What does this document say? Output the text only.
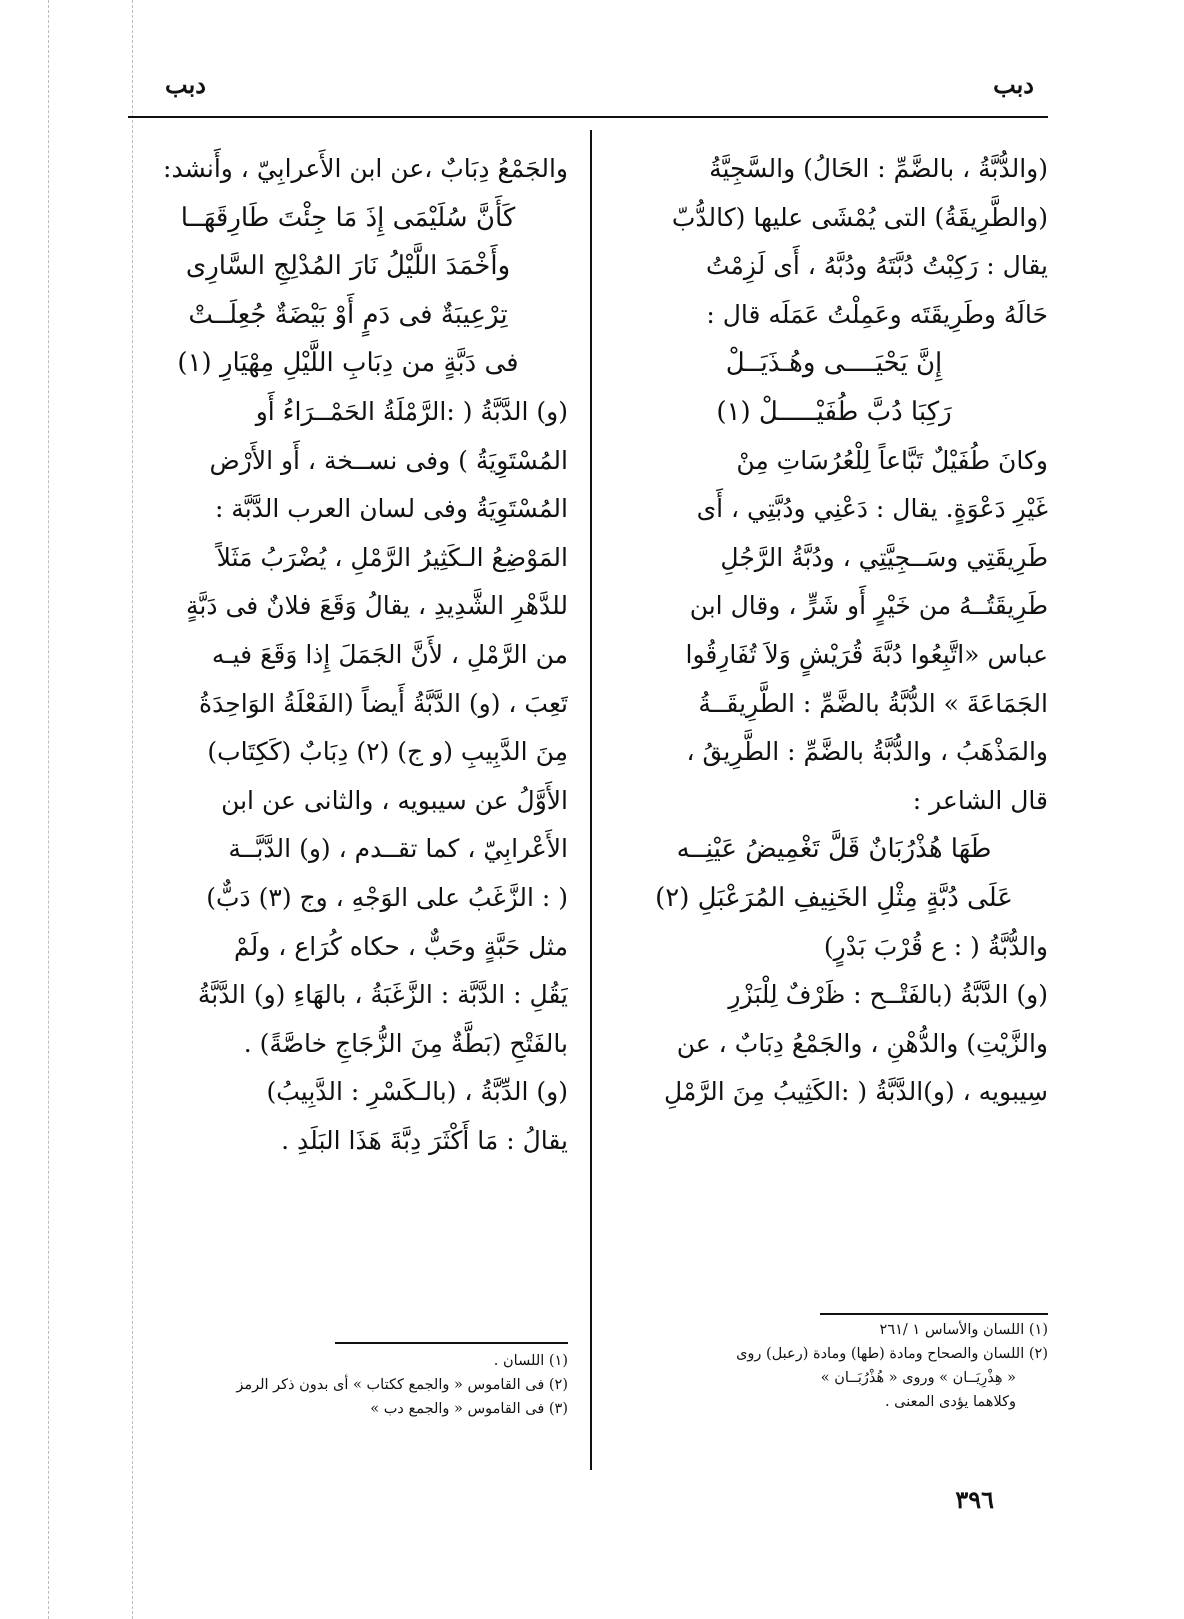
دبب
دبب
(والدُّبَّةُ ، بالضَّمِّ : الحَالُ) والسَّجِيَّةُ
(والطَّرِيقَةُ) التى يُمْشَى عليها (كالدُّبّ
يقال : رَكِبْتُ دُبَّتَهُ ودُبَّهُ ، أَى لَزِمْتُ
حَالَهُ وطَرِيقَتَه وعَمِلْتُ عَمَلَه قال :
إِنَّ يَحْيَــــى وهُـذَيَــلْ
رَكِبَا دُبَّ طُفَيْـــــلْ (١)
وكانَ طُفَيْلٌ تَبَّاعاً لِلْعُرُسَاتِ مِنْ
غَيْرِ دَعْوَةٍ. يقال : دَعْنِي ودُبَّتِي ، أَى
طَرِيقَتِي وسَــجِيَّتِي ، ودُبَّةُ الرَّجُلِ
طَرِيقَتُــهُ من خَيْرٍ أَو شَرٍّ ، وقال ابن
عباس «اتَّبِعُوا دُبَّةَ قُرَيْشٍ وَلاَ تُفَارِقُوا
الجَمَاعَةَ » الدُّبَّةُ بالضَّمِّ : الطَّرِيقَــةُ
والمَذْهَبُ ، والدُّبَّةُ بالضَّمِّ : الطَّرِيقُ ،
قال الشاعر :
طَهَا هُذْرُبَانٌ قَلَّ تَغْمِيضُ عَيْنِــه
عَلَى دُبَّةٍ مِثْلِ الخَنِيفِ المُرَعْبَلِ (٢)
والدُّبَّةُ ( : ع قُرْبَ بَدْرٍ)
(و) الدَّبَّةُ (بالفَتْــح : ظَرْفٌ لِلْبَزْرِ
والزَّيْتِ) والدُّهْنِ ، والجَمْعُ دِبَابٌ ، عن
سِيبويه ، (و)الدَّبَّةُ ( :الكَثِيبُ مِنَ الرَّمْلِ
والجَمْعُ دِبَابٌ ،عن ابن الأَعرابِيّ ، وأَنشد:
كَأَنَّ سُلَيْمَى إِذَ مَا جِئْتَ طَارِقَهَــا
وأَخْمَدَ اللَّيْلُ نَارَ المُدْلِجِ السَّارِى
تِرْعِيبَةٌ فى دَمٍ أَوْ بَيْضَةٌ جُعِلَــتْ
فى دَبَّةٍ من دِبَابِ اللَّيْلِ مِهْيَارِ (١)
(و) الدَّبَّةُ ( :الرَّمْلَةُ الحَمْــرَاءُ أَو
المُسْتَوِيَةُ ) وفى نســخة ، أَو الأَرْض
المُسْتَوِيَةُ وفى لسان العرب الدَّبَّة :
المَوْضِعُ الـكَثِيرُ الرَّمْلِ ، يُضْرَبُ مَثَلاً
للدَّهْرِ الشَّدِيدِ ، يقالُ وَقَعَ فلانٌ فى دَبَّةٍ
من الرَّمْلِ ، لأَنَّ الجَمَلَ إِذا وَقَعَ فيـه
تَعِبَ ، (و) الدَّبَّةُ أَيضاً (الفَعْلَةُ الوَاحِدَةُ
مِنَ الدَّبِيبِ (و ج) (٢) دِبَابٌ (كَكِتَاب)
الأَوَّلُ عن سيبويه ، والثانى عن ابن
الأَعْرابِيّ ، كما تقــدم ، (و) الدَّبَّــة
( : الزَّغَبُ على الوَجْهِ ، وج (٣) دَبٌّ)
مثل حَبَّةٍ وحَبٌّ ، حكاه كُرَاع ، ولَمْ
يَقُلِ : الدَّبَّة : الزَّغَبَةُ ، بالهَاءِ (و) الدَّبَّةُ
بالفَتْحِ (بَطَّةٌ مِنَ الزُّجَاجِ خاصَّةً) .
(و) الدِّبَّةُ ، (بالـكَسْرِ : الدَّبِيبُ)
يقالُ : مَا أَكْثَرَ دِبَّةَ هَذَا البَلَدِ .
(١) اللسان والأساس ١ /٢٦١
(٢) اللسان والصحاح ومادة (طها) ومادة (رعبل) روى
« هِذْرِيَــان » وروى « هُذْرُبَــان »
وكلاهما يؤدى المعنى .
(١) اللسان .
(٢) فى القاموس « والجمع ككتاب » أى بدون ذكر الرمز
(٣) فى القاموس « والجمع دب »
٣٩٦
